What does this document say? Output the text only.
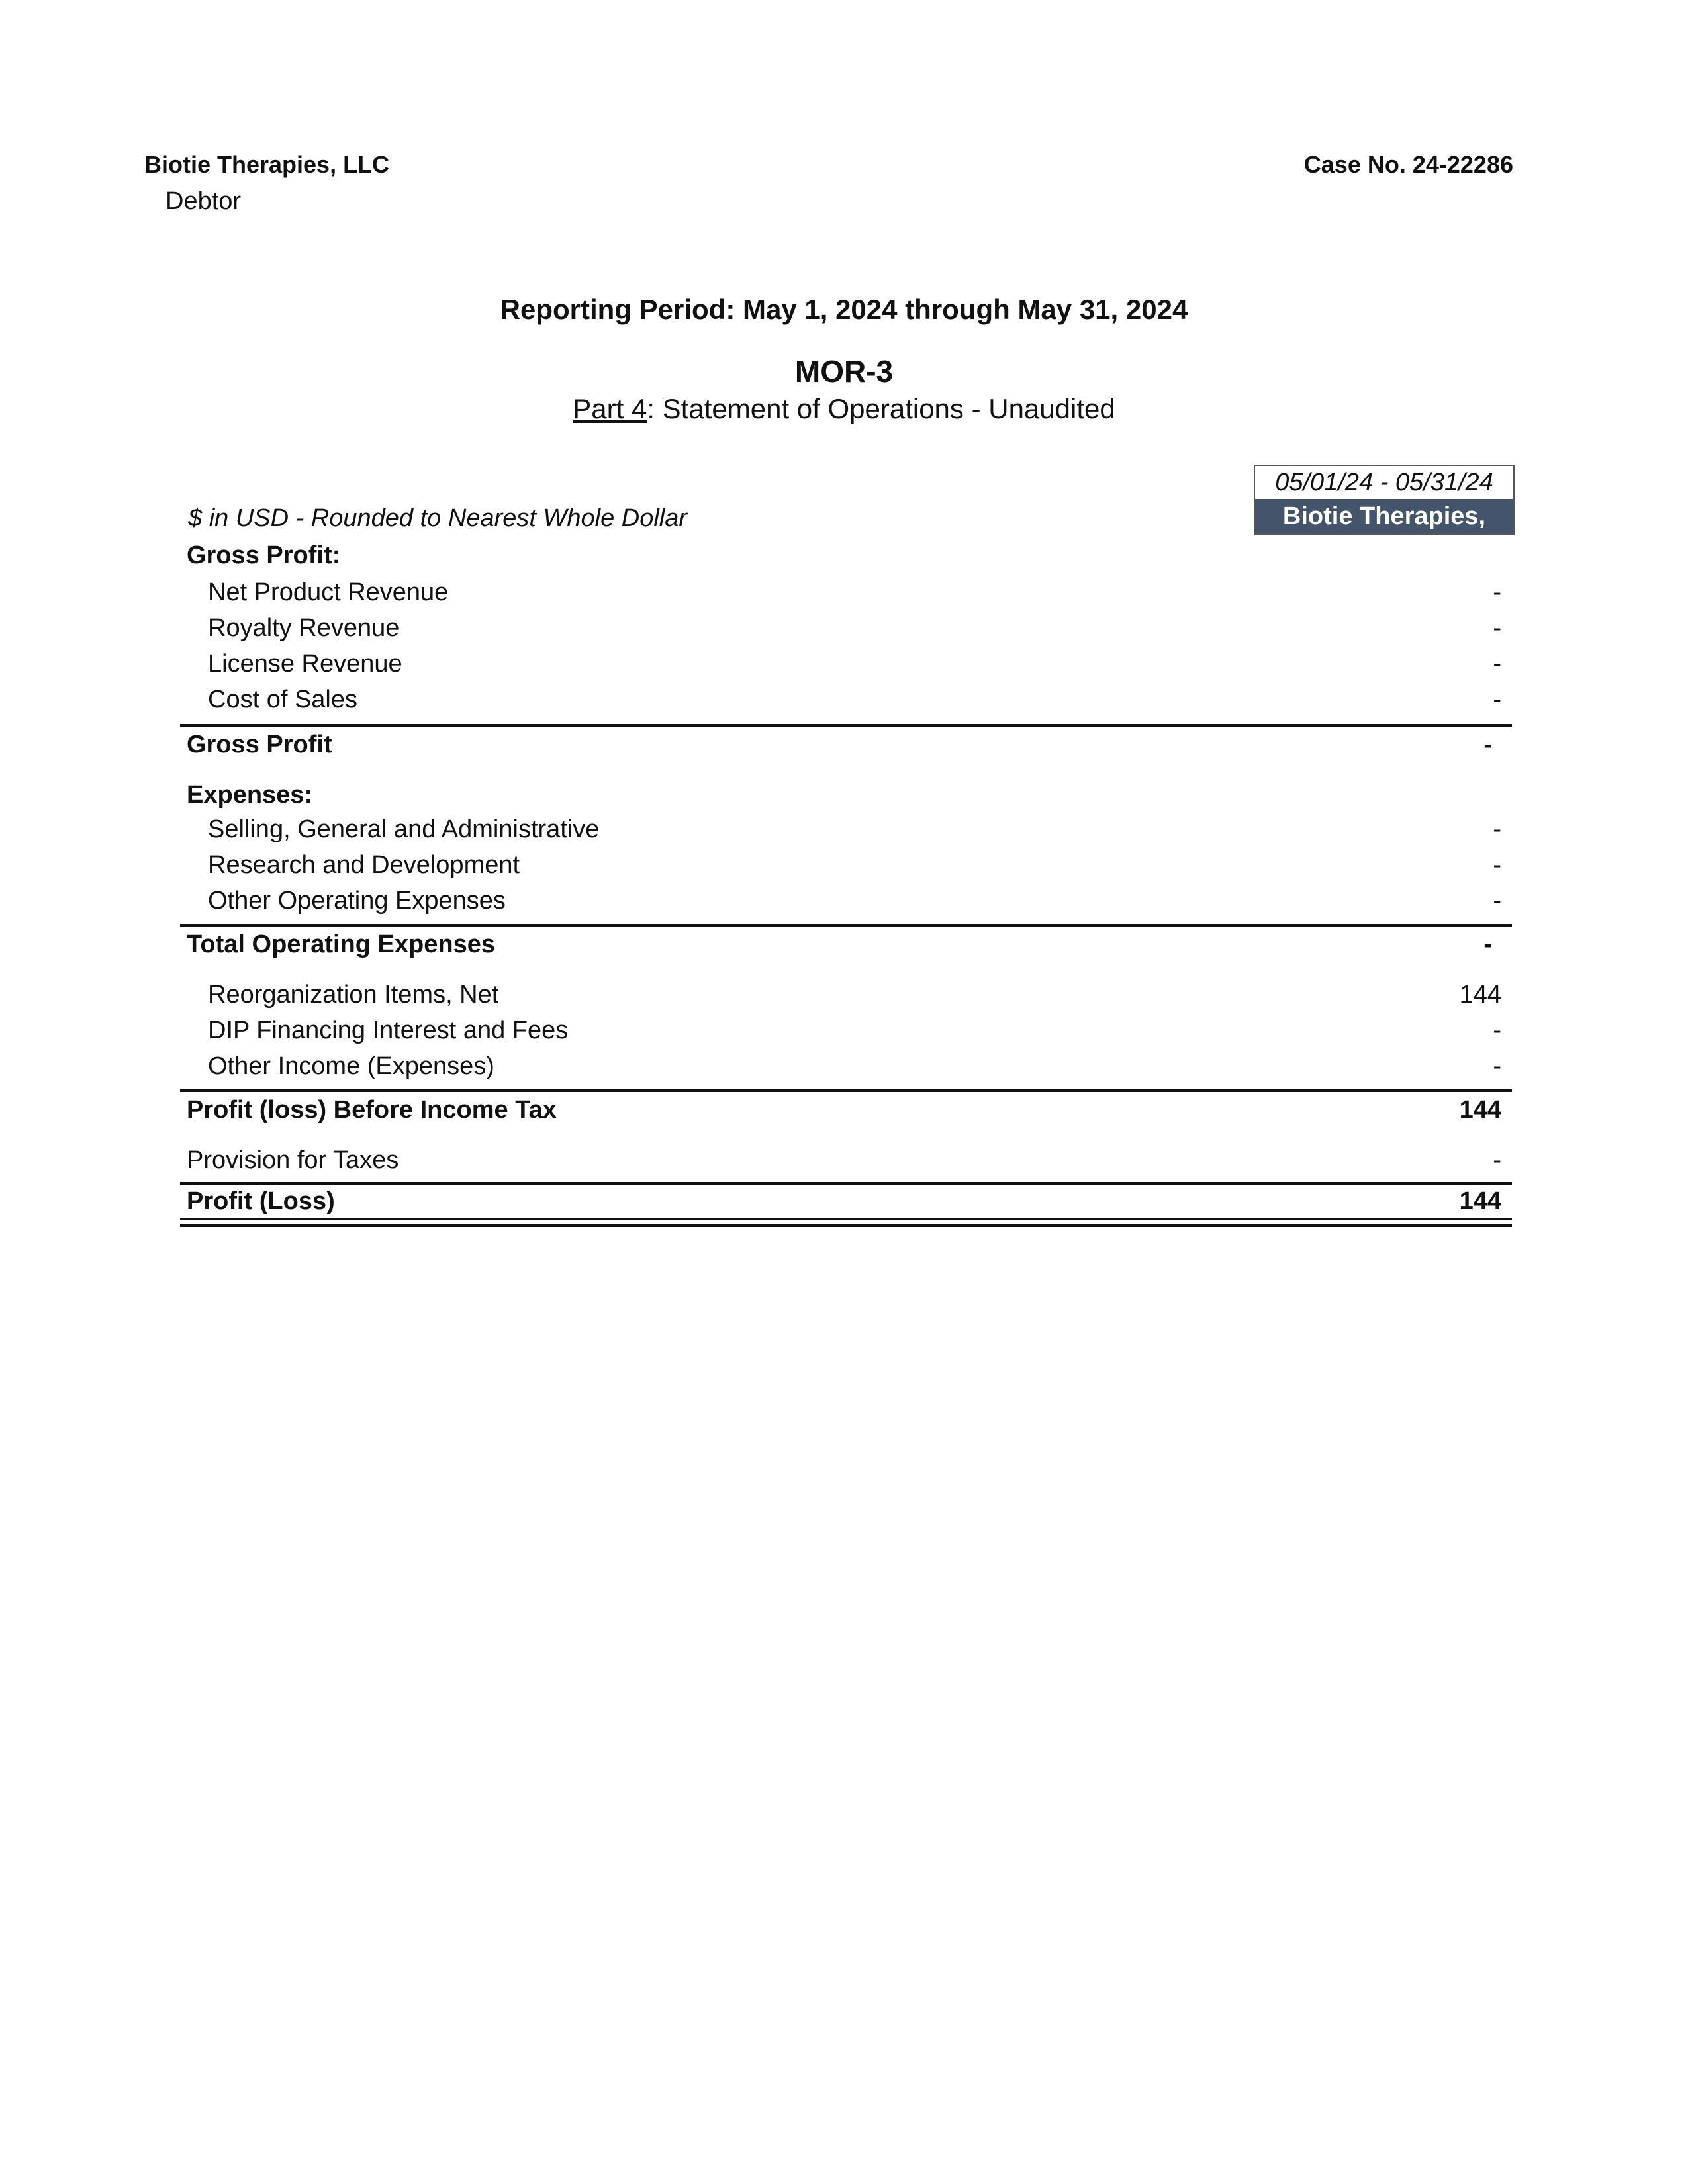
Biotie Therapies, LLC
Debtor
Case No. 24-22286
Reporting Period: May 1, 2024 through May 31, 2024
MOR-3
Part 4: Statement of Operations - Unaudited
$ in USD - Rounded to Nearest Whole Dollar
05/01/24 - 05/31/24
Biotie Therapies, LLC
Gross Profit:
Net Product Revenue	-
Royalty Revenue	-
License Revenue	-
Cost of Sales	-
Gross Profit	-
Expenses:
Selling, General and Administrative	-
Research and Development	-
Other Operating Expenses	-
Total Operating Expenses	-
Reorganization Items, Net	144
DIP Financing Interest and Fees	-
Other Income (Expenses)	-
Profit (loss) Before Income Tax	144
Provision for Taxes	-
Profit (Loss)	144
